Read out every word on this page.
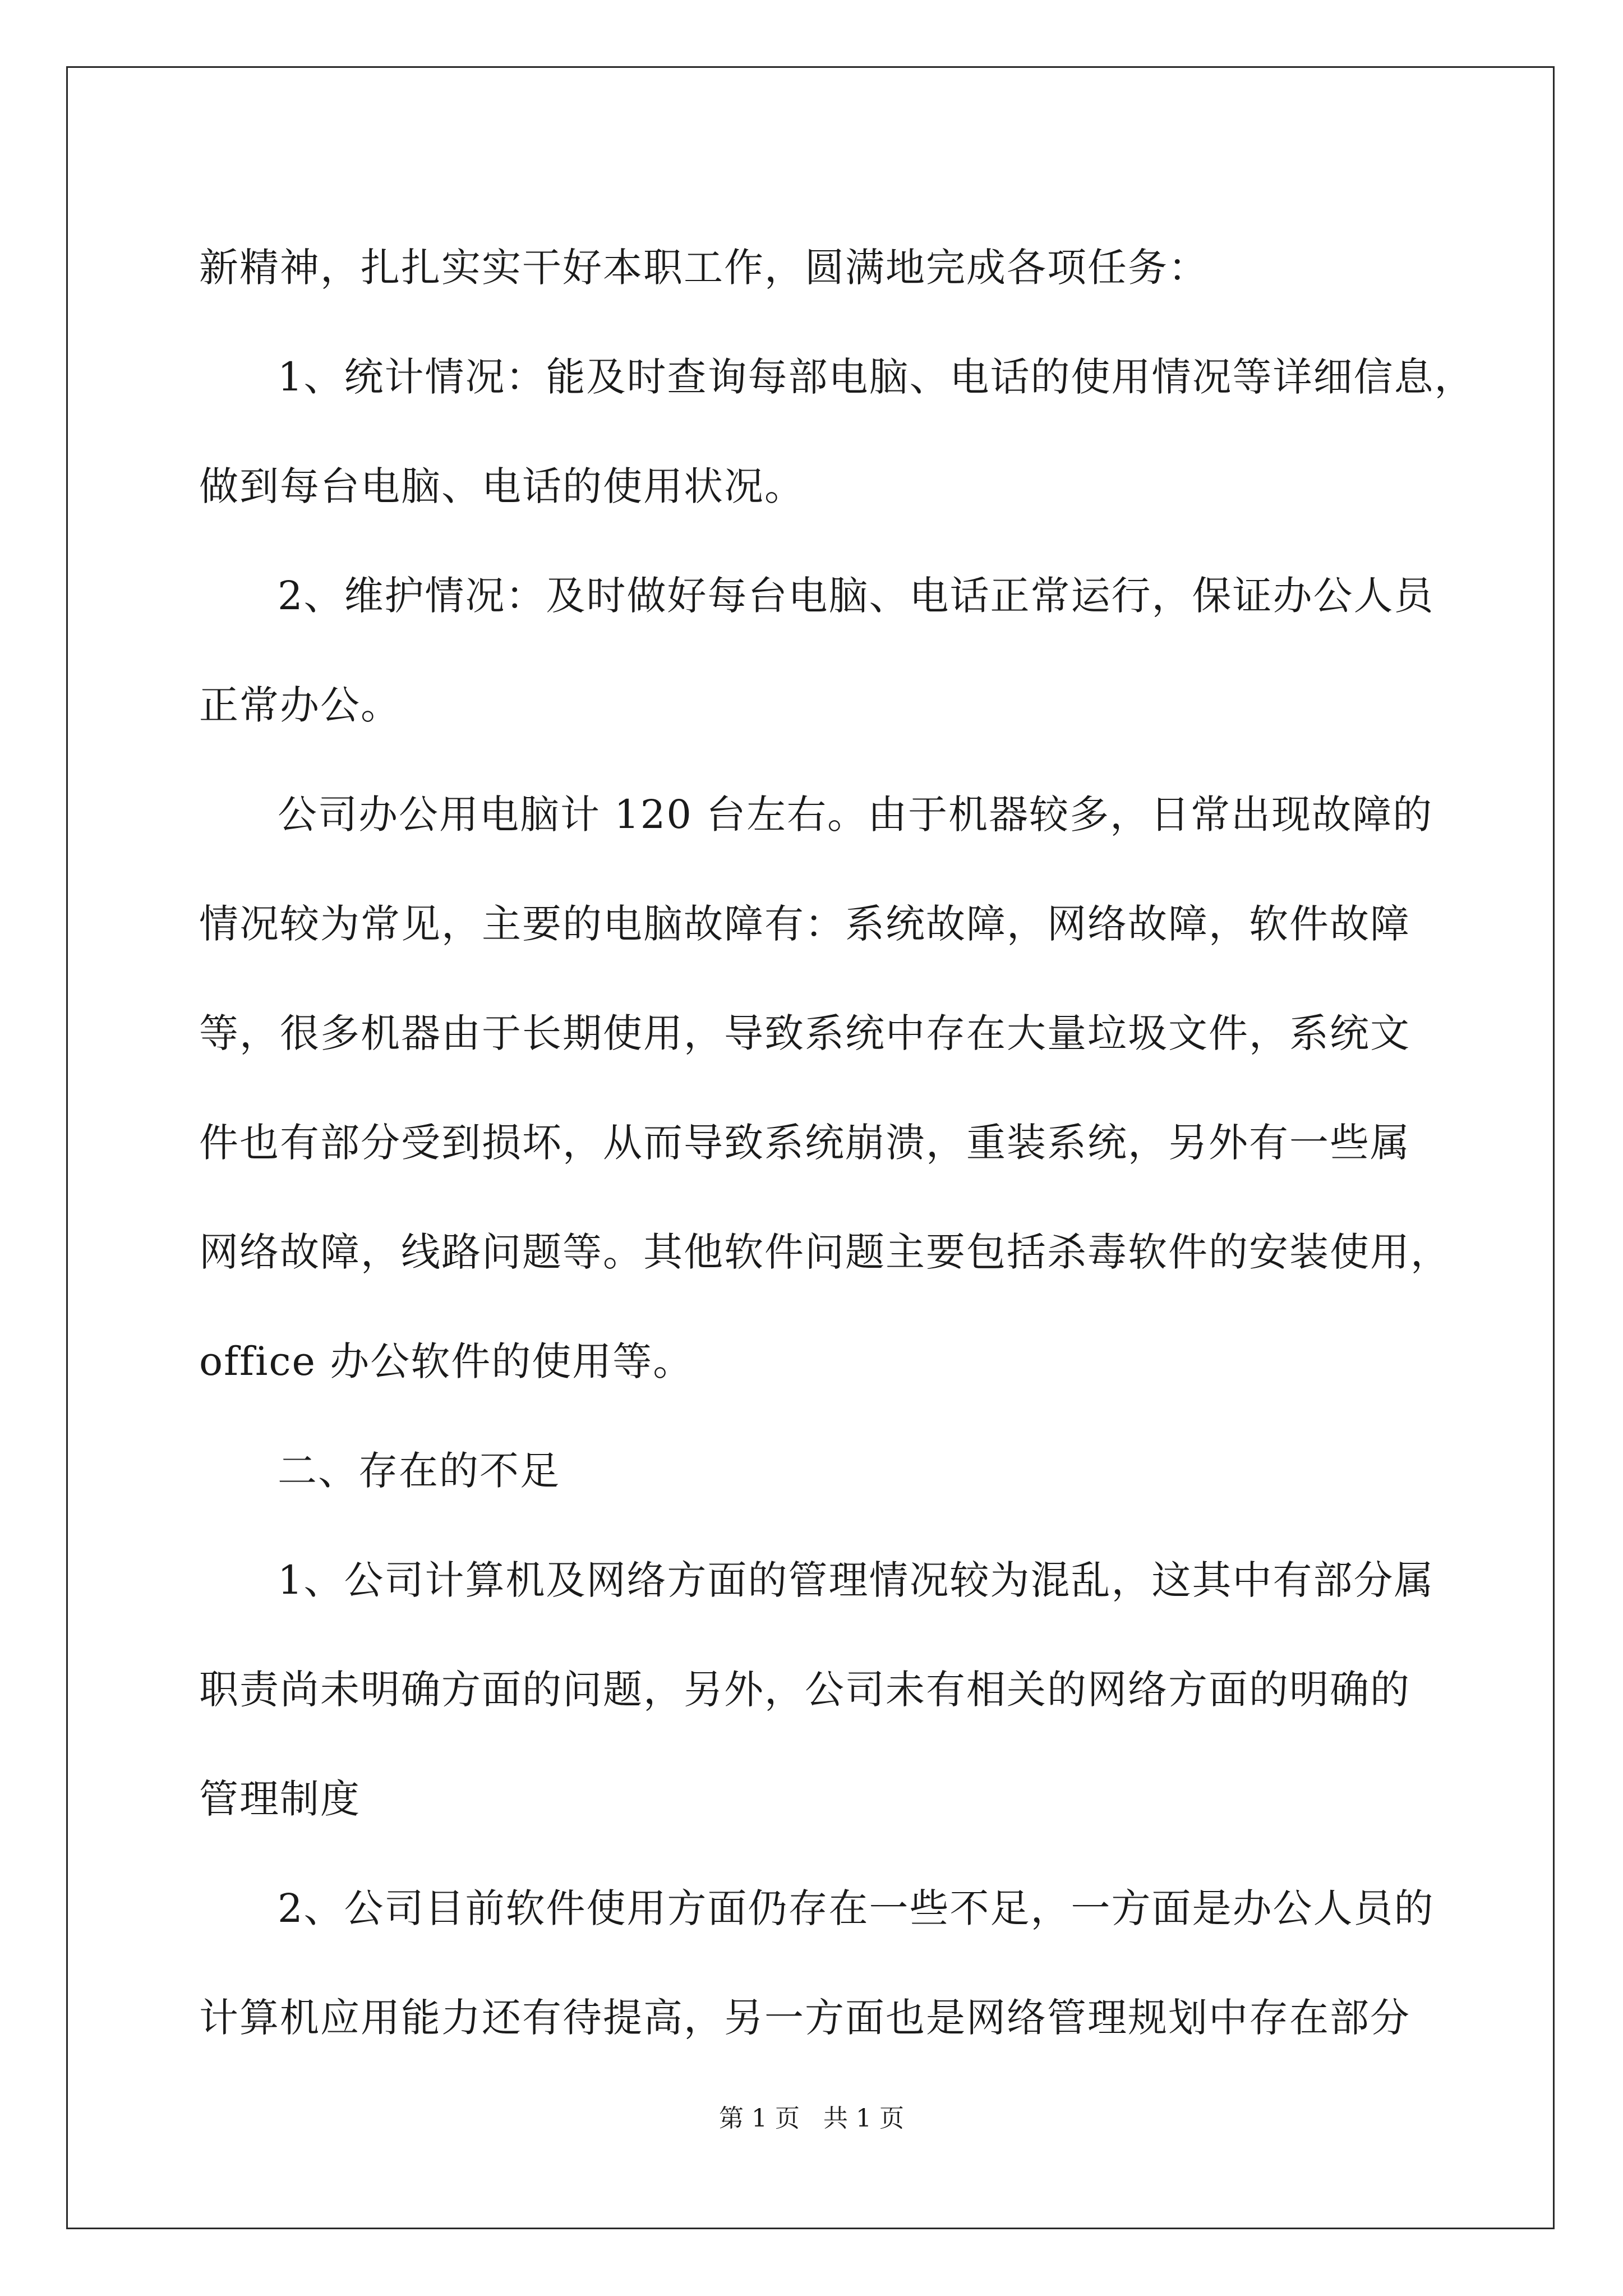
新精神，扎扎实实干好本职工作，圆满地完成各项任务：

1、统计情况：能及时查询每部电脑、电话的使用情况等详细信息，

做到每台电脑、电话的使用状况。

2、维护情况：及时做好每台电脑、电话正常运行，保证办公人员

正常办公。

公司办公用电脑计 120 台左右。由于机器较多，日常出现故障的

情况较为常见，主要的电脑故障有：系统故障，网络故障，软件故障

等，很多机器由于长期使用，导致系统中存在大量垃圾文件，系统文

件也有部分受到损坏，从而导致系统崩溃，重装系统，另外有一些属

网络故障，线路问题等。其他软件问题主要包括杀毒软件的安装使用，

office 办公软件的使用等。

二、存在的不足

1、公司计算机及网络方面的管理情况较为混乱，这其中有部分属

职责尚未明确方面的问题，另外，公司未有相关的网络方面的明确的

管理制度

2、公司目前软件使用方面仍存在一些不足，一方面是办公人员的

计算机应用能力还有待提高，另一方面也是网络管理规划中存在部分

第 1 页   共 1 页
